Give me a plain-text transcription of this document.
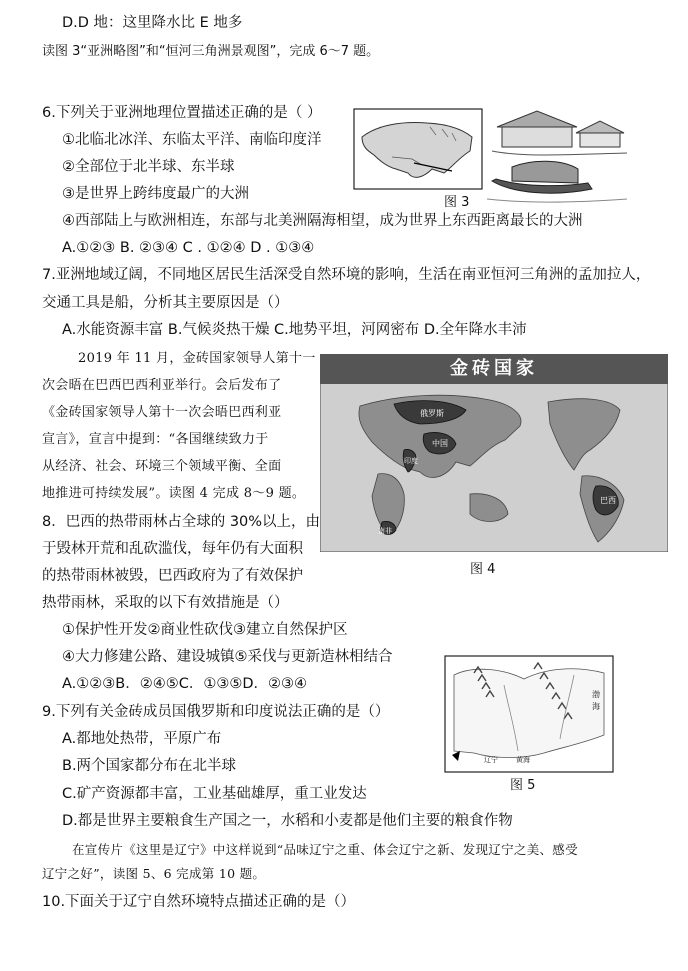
D.D 地：这里降水比 E 地多
读图 3“亚洲略图”和“恒河三角洲景观图”，完成 6～7 题。
6.下列关于亚洲地理位置描述正确的是（ ）
①北临北冰洋、东临太平洋、南临印度洋
②全部位于北半球、东半球
③是世界上跨纬度最广的大洲
④西部陆上与欧洲相连，东部与北美洲隔海相望，成为世界上东西距离最长的大洲
A.①②③ B. ②③④ C . ①②④ D . ①③④
7.亚洲地域辽阔，不同地区居民生活深受自然环境的影响，生活在南亚恒河三角洲的孟加拉人，
交通工具是船，分析其主要原因是（）
A.水能资源丰富 B.气候炎热干燥 C.地势平坦，河网密布 D.全年降水丰沛
2019 年 11 月，金砖国家领导人第十一
次会晤在巴西巴西利亚举行。会后发布了
《金砖国家领导人第十一次会晤巴西利亚
宣言》，宣言中提到：“各国继续致力于
从经济、社会、环境三个领域平衡、全面
地推进可持续发展”。读图 4 完成 8～9 题。
8．巴西的热带雨林占全球的 30%以上，由
于毁林开荒和乱砍滥伐，每年仍有大面积
的热带雨林被毁，巴西政府为了有效保护
热带雨林，采取的以下有效措施是（）
①保护性开发②商业性砍伐③建立自然保护区
④大力修建公路、建设城镇⑤采伐与更新造林相结合
A.①②③B．②④⑤C．①③⑤D．②③④
9.下列有关金砖成员国俄罗斯和印度说法正确的是（）
A.都地处热带，平原广布
B.两个国家都分布在北半球
C.矿产资源都丰富，工业基础雄厚，重工业发达
D.都是世界主要粮食生产国之一，水稻和小麦都是他们主要的粮食作物
在宣传片《这里是辽宁》中这样说到“品味辽宁之重、体会辽宁之新、发现辽宁之美、感受
辽宁之好”，读图 5、6 完成第 10 题。
10.下面关于辽宁自然环境特点描述正确的是（）
图 3
金砖国家
俄罗斯
中国
印度
巴西
南非
图 4
渤
海
辽宁	黄海
图 5
